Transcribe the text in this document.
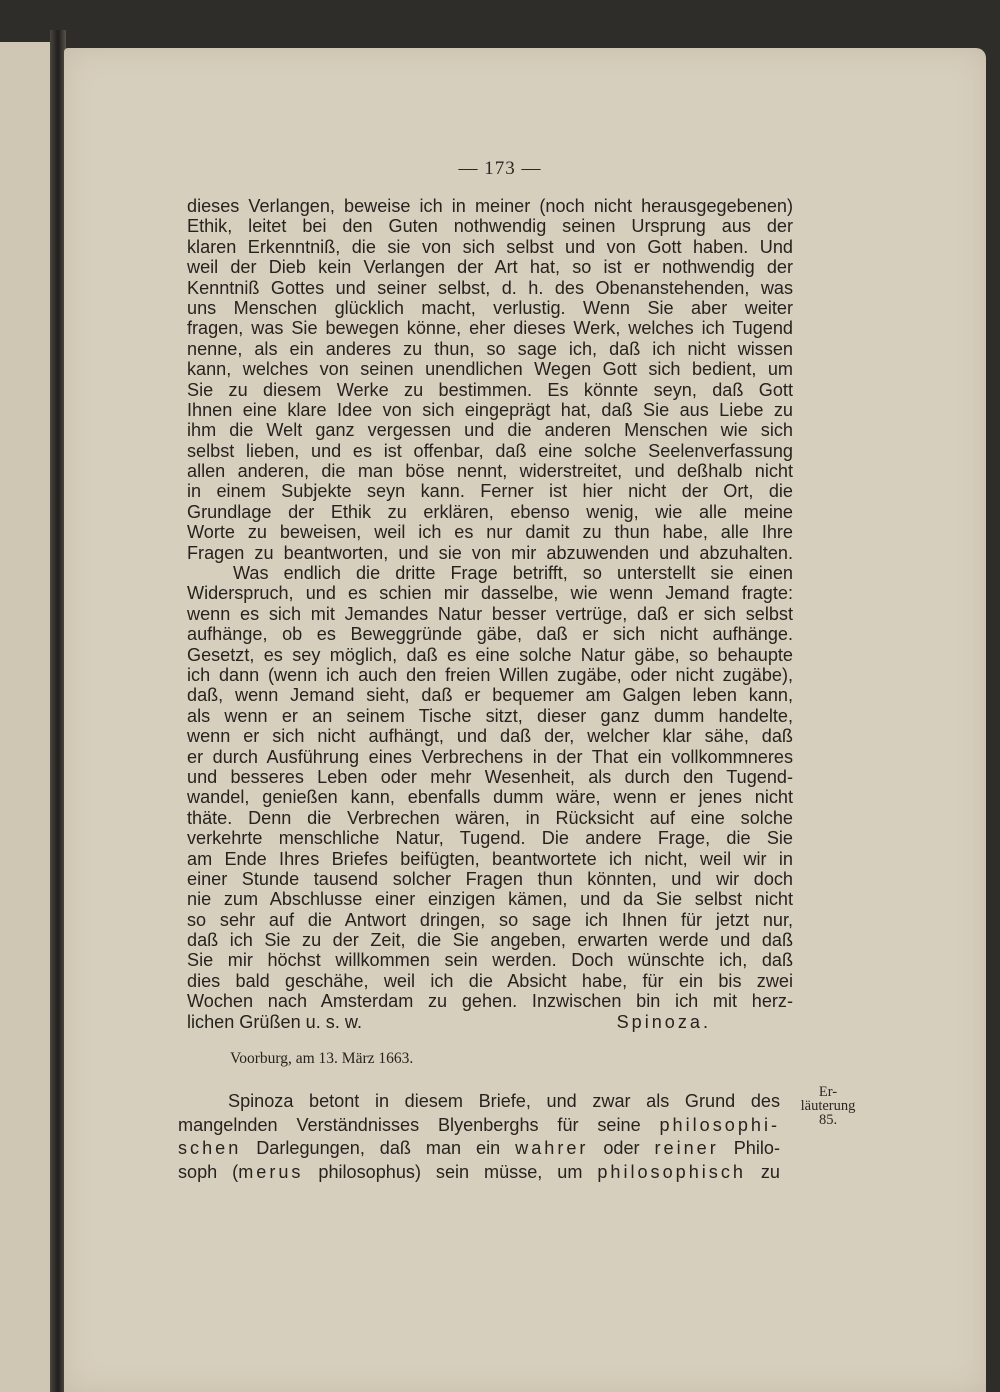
— 173 —
dieses Verlangen, beweise ich in meiner (noch nicht herausgegebenen)
Ethik, leitet bei den Guten nothwendig seinen Ursprung aus der
klaren Erkenntniß, die sie von sich selbst und von Gott haben. Und
weil der Dieb kein Verlangen der Art hat, so ist er nothwendig der
Kenntniß Gottes und seiner selbst, d. h. des Obenanstehenden, was
uns Menschen glücklich macht, verlustig. Wenn Sie aber weiter
fragen, was Sie bewegen könne, eher dieses Werk, welches ich Tugend
nenne, als ein anderes zu thun, so sage ich, daß ich nicht wissen
kann, welches von seinen unendlichen Wegen Gott sich bedient, um
Sie zu diesem Werke zu bestimmen. Es könnte seyn, daß Gott
Ihnen eine klare Idee von sich eingeprägt hat, daß Sie aus Liebe zu
ihm die Welt ganz vergessen und die anderen Menschen wie sich
selbst lieben, und es ist offenbar, daß eine solche Seelenverfassung
allen anderen, die man böse nennt, widerstreitet, und deßhalb nicht
in einem Subjekte seyn kann. Ferner ist hier nicht der Ort, die
Grundlage der Ethik zu erklären, ebenso wenig, wie alle meine
Worte zu beweisen, weil ich es nur damit zu thun habe, alle Ihre
Fragen zu beantworten, und sie von mir abzuwenden und abzuhalten.
Was endlich die dritte Frage betrifft, so unterstellt sie einen
Widerspruch, und es schien mir dasselbe, wie wenn Jemand fragte:
wenn es sich mit Jemandes Natur besser vertrüge, daß er sich selbst
aufhänge, ob es Beweggründe gäbe, daß er sich nicht aufhänge.
Gesetzt, es sey möglich, daß es eine solche Natur gäbe, so behaupte
ich dann (wenn ich auch den freien Willen zugäbe, oder nicht zugäbe),
daß, wenn Jemand sieht, daß er bequemer am Galgen leben kann,
als wenn er an seinem Tische sitzt, dieser ganz dumm handelte,
wenn er sich nicht aufhängt, und daß der, welcher klar sähe, daß
er durch Ausführung eines Verbrechens in der That ein vollkommneres
und besseres Leben oder mehr Wesenheit, als durch den Tugend-
wandel, genießen kann, ebenfalls dumm wäre, wenn er jenes nicht
thäte. Denn die Verbrechen wären, in Rücksicht auf eine solche
verkehrte menschliche Natur, Tugend. Die andere Frage, die Sie
am Ende Ihres Briefes beifügten, beantwortete ich nicht, weil wir in
einer Stunde tausend solcher Fragen thun könnten, und wir doch
nie zum Abschlusse einer einzigen kämen, und da Sie selbst nicht
so sehr auf die Antwort dringen, so sage ich Ihnen für jetzt nur,
daß ich Sie zu der Zeit, die Sie angeben, erwarten werde und daß
Sie mir höchst willkommen sein werden. Doch wünschte ich, daß
dies bald geschähe, weil ich die Absicht habe, für ein bis zwei
Wochen nach Amsterdam zu gehen. Inzwischen bin ich mit herz-
lichen Grüßen u. s. w.	Spinoza.
Voorburg, am 13. März 1663.
Spinoza betont in diesem Briefe, und zwar als Grund des
mangelnden Verständnisses Blyenberghs für seine philosophi-
schen Darlegungen, daß man ein wahrer oder reiner Philo-
soph (merus philosophus) sein müsse, um philosophisch zu
Er-
läuterung
85.
